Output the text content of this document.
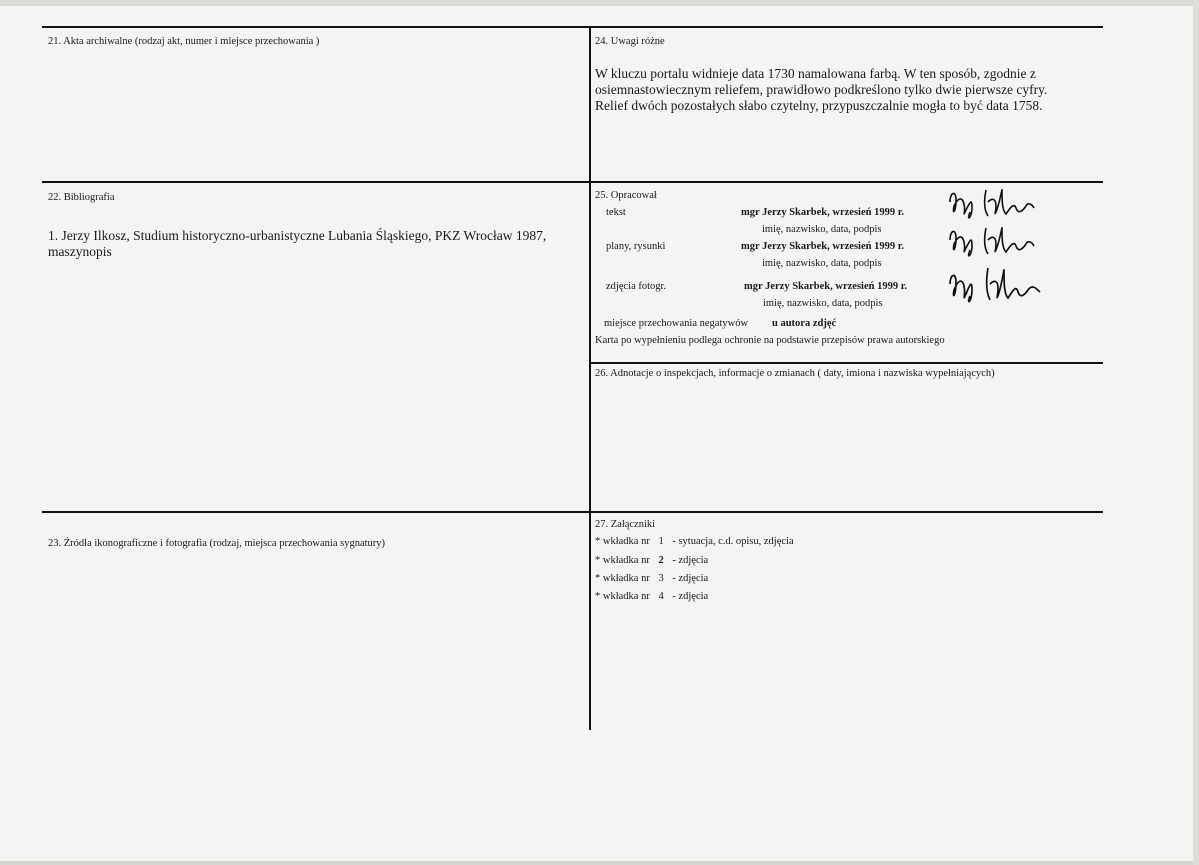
21. Akta archiwalne (rodzaj akt, numer i miejsce przechowania )
22. Bibliografia
1. Jerzy Ilkosz, Studium historyczno-urbanistyczne Lubania Śląskiego, PKZ Wrocław 1987,
maszynopis
23. Źródła ikonograficzne i fotografia (rodzaj, miejsca przechowania sygnatury)
24. Uwagi różne
W kluczu portalu widnieje data 1730 namalowana farbą. W ten sposób, zgodnie z
osiemnastowiecznym reliefem, prawidłowo podkreślono tylko dwie pierwsze cyfry.
Relief dwóch pozostałych słabo czytelny, przypuszczalnie mogła to być data 1758.
25. Opracował
tekst	mgr Jerzy Skarbek, wrzesień 1999 r.
imię, nazwisko, data, podpis
plany, rysunki	mgr Jerzy Skarbek, wrzesień 1999 r.
imię, nazwisko, data, podpis
zdjęcia fotogr.	mgr Jerzy Skarbek, wrzesień 1999 r.
imię, nazwisko, data, podpis
miejsce przechowania negatywów u autora zdjęć
Karta po wypełnieniu podlega ochronie na podstawie przepisów prawa autorskiego
26. Adnotacje o inspekcjach, informacje o zmianach ( daty, imiona i nazwiska wypełniających)
27. Załączniki
* wkładka nr 1 - sytuacja, c.d. opisu, zdjęcia
* wkładka nr 2 - zdjęcia
* wkładka nr 3 - zdjęcia
* wkładka nr 4 - zdjęcia
